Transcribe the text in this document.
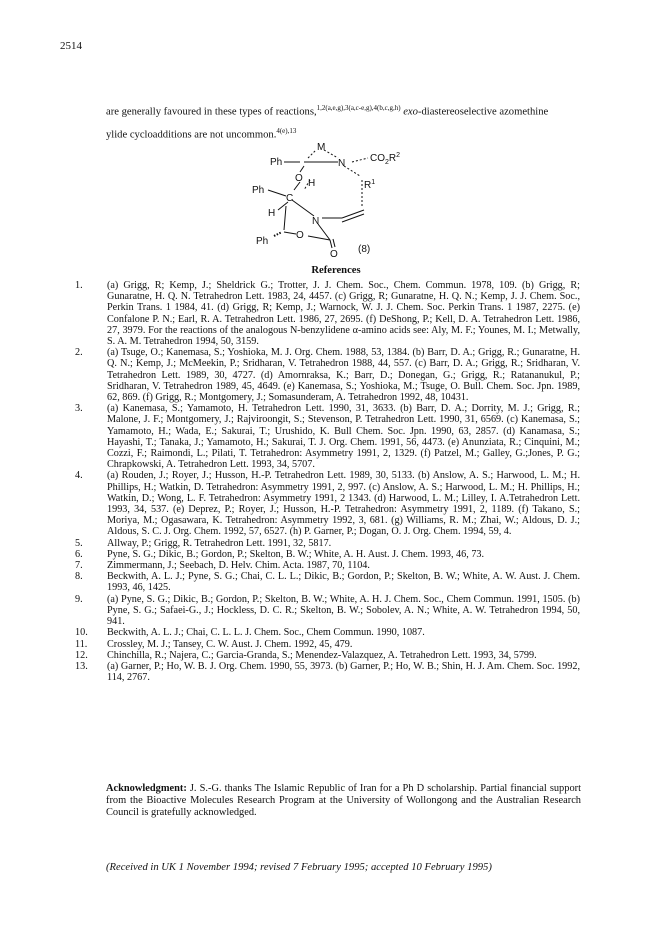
2514
are generally favoured in these types of reactions,$^{1,2(a,e,g),3(a,c-e,g),4(b,c,g,h)}$ exo-diastereoselective azomethine
ylide cycloadditions are not uncommon.$^{4(e),13}$
M
Ph	N $CO_2R^2$
O
Ph
C
H	$R^1$
H
N
Ph
O
O (8)
References
1.	(a) Grigg, R; Kemp, J.; Sheldrick G.; Trotter, J. J. Chem. Soc., Chem. Commun. 1978, 109. (b) Grigg, R; Gunaratne, H. Q. N. Tetrahedron Lett. 1983, 24, 4457. (c) Grigg, R; Gunaratne, H. Q. N.; Kemp, J. J. Chem. Soc., Perkin Trans. 1 1984, 41. (d) Grigg, R; Kemp, J.; Warnock, W. J. J. Chem. Soc. Perkin Trans. 1 1987, 2275. (e) Confalone P. N.; Earl, R. A. Tetrahedron Lett. 1986, 27, 2695. (f) DeShong, P.; Kell, D. A. Tetrahedron Lett. 1986, 27, 3979. For the reactions of the analogous N-benzylidene α-amino acids see: Aly, M. F.; Younes, M. I.; Metwally, S. A. M. Tetrahedron 1994, 50, 3159.
2.	(a) Tsuge, O.; Kanemasa, S.; Yoshioka, M. J. Org. Chem. 1988, 53, 1384. (b) Barr, D. A.; Grigg, R.; Gunaratne, H. Q. N.; Kemp, J.; McMeekin, P.; Sridharan, V. Tetrahedron 1988, 44, 557. (c) Barr, D. A.; Grigg, R.; Sridharan, V. Tetrahedron Lett. 1989, 30, 4727. (d) Amornraksa, K.; Barr, D.; Donegan, G.; Grigg, R.; Ratananukul, P.; Sridharan, V. Tetrahedron 1989, 45, 4649. (e) Kanemasa, S.; Yoshioka, M.; Tsuge, O. Bull. Chem. Soc. Jpn. 1989, 62, 869. (f) Grigg, R.; Montgomery, J.; Somasunderam, A. Tetrahedron 1992, 48, 10431.
3.	(a) Kanemasa, S.; Yamamoto, H. Tetrahedron Lett. 1990, 31, 3633. (b) Barr, D. A.; Dorrity, M. J.; Grigg, R.; Malone, J. F.; Montgomery, J.; Rajviroongit, S.; Stevenson, P. Tetrahedron Lett. 1990, 31, 6569. (c) Kanemasa, S.; Yamamoto, H.; Wada, E.; Sakurai, T.; Urushido, K. Bull Chem. Soc. Jpn. 1990, 63, 2857. (d) Kanamasa, S.; Hayashi, T.; Tanaka, J.; Yamamoto, H.; Sakurai, T. J. Org. Chem. 1991, 56, 4473. (e) Anunziata, R.; Cinquini, M.; Cozzi, F.; Raimondi, L.; Pilati, T. Tetrahedron: Asymmetry 1991, 2, 1329. (f) Patzel, M.; Galley, G.;Jones, P. G.; Chrapkowski, A. Tetrahedron Lett. 1993, 34, 5707.
4.	(a) Rouden, J.; Royer, J.; Husson, H.-P. Tetrahedron Lett. 1989, 30, 5133. (b) Anslow, A. S.; Harwood, L. M.; H. Phillips, H.; Watkin, D. Tetrahedron: Asymmetry 1991, 2, 997. (c) Anslow, A. S.; Harwood, L. M.; H. Phillips, H.; Watkin, D.; Wong, L. F. Tetrahedron: Asymmetry 1991, 2 1343. (d) Harwood, L. M.; Lilley, I. A.Tetrahedron Lett. 1993, 34, 537. (e) Deprez, P.; Royer, J.; Husson, H.-P. Tetrahedron: Asymmetry 1991, 2, 1189. (f) Takano, S.; Moriya, M.; Ogasawara, K. Tetrahedron: Asymmetry 1992, 3, 681. (g) Williams, R. M.; Zhai, W.; Aldous, D. J.; Aldous, S. C. J. Org. Chem. 1992, 57, 6527. (h) P. Garner, P.; Dogan, O. J. Org. Chem. 1994, 59, 4.
5.	Allway, P.; Grigg, R. Tetrahedron Lett. 1991, 32, 5817.
6.	Pyne, S. G.; Dikic, B.; Gordon, P.; Skelton, B. W.; White, A. H. Aust. J. Chem. 1993, 46, 73.
7.	Zimmermann, J.; Seebach, D. Helv. Chim. Acta. 1987, 70, 1104.
8.	Beckwith, A. L. J.; Pyne, S. G.; Chai, C. L. L.; Dikic, B.; Gordon, P.; Skelton, B. W.; White, A. W. Aust. J. Chem. 1993, 46, 1425.
9.	(a) Pyne, S. G.; Dikic, B.; Gordon, P.; Skelton, B. W.; White, A. H. J. Chem. Soc., Chem Commun. 1991, 1505. (b) Pyne, S. G.; Safaei-G., J.; Hockless, D. C. R.; Skelton, B. W.; Sobolev, A. N.; White, A. W. Tetrahedron 1994, 50, 941.
10.	Beckwith, A. L. J.; Chai, C. L. L. J. Chem. Soc., Chem Commun. 1990, 1087.
11.	Crossley, M. J.; Tansey, C. W. Aust. J. Chem. 1992, 45, 479.
12.	Chinchilla, R.; Najera, C.; Garcia-Granda, S.; Menendez-Valazquez, A. Tetrahedron Lett. 1993, 34, 5799.
13.	(a) Garner, P.; Ho, W. B. J. Org. Chem. 1990, 55, 3973. (b) Garner, P.; Ho, W. B.; Shin, H. J. Am. Chem. Soc. 1992, 114, 2767.
Acknowledgment: J. S.-G. thanks The Islamic Republic of Iran for a Ph D scholarship. Partial financial support from the Bioactive Molecules Research Program at the University of Wollongong and the Australian Research Council is gratefully acknowledged.
(Received in UK 1 November 1994; revised 7 February 1995; accepted 10 February 1995)
